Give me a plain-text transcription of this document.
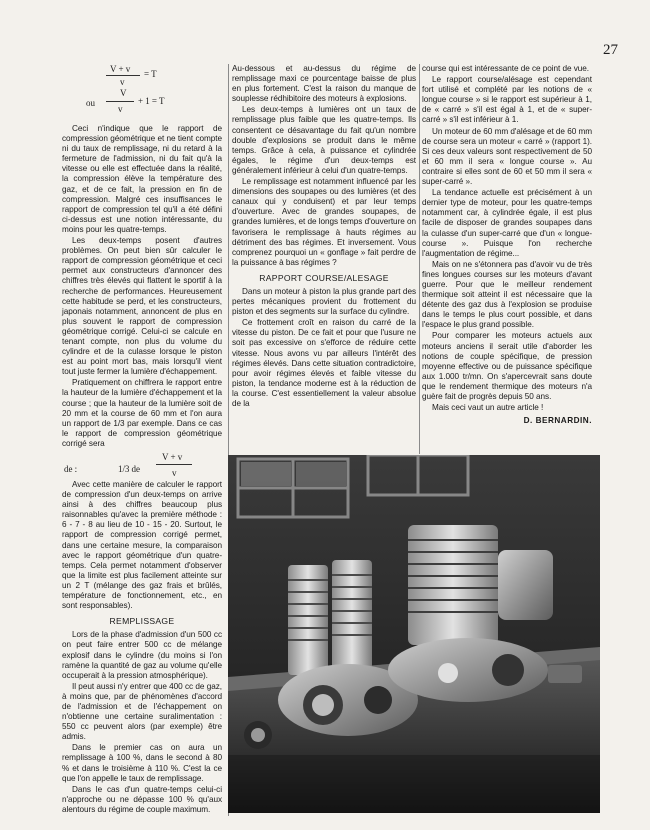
27
V + v = T
v
V
ou	+ 1 = T
v

Ceci n'indique que le rapport de compression géométrique et ne tient compte ni du taux de remplissage, ni du retard à la fermeture de l'admission, ni du fait qu'à la vitesse ou elle est effectuée dans la réalité, la compression élève la température des gaz, et de ce fait, la pression en fin de compression. Malgré ces insuffisances le rapport de compression tel qu'il a été défini ci-dessus est une notion intéressante, du moins pour les quatre-temps.

Les deux-temps posent d'autres problèmes. On peut bien sûr calculer le rapport de compression géométrique et ceci permet aux constructeurs d'annoncer des chiffres très élevés qui flattent le sportif à la recherche de performances. Heureusement cette habitude se perd, et les constructeurs, japonais notamment, annoncent de plus en plus souvent le rapport de compression géométrique corrigé. Celui-ci se calcule en tenant compte, non plus du volume du cylindre et de la culasse lorsque le piston est au point mort bas, mais lorsqu'il vient tout juste fermer la lumière d'échappement.

Pratiquement on chiffrera le rapport entre la hauteur de la lumière d'échappement et la course ; que la hauteur de la lumière soit de 20 mm et la course de 60 mm et l'on aura un rapport de 1/3 par exemple. Dans ce cas le rapport de compression géométrique corrigé sera

de :	1/3 de
V + v
v

Avec cette manière de calculer le rapport de compression d'un deux-temps on arrive ainsi à des chiffres beaucoup plus raisonnables qu'avec la première méthode : 6 - 7 - 8 au lieu de 10 - 15 - 20. Surtout, le rapport de compression corrigé permet, dans une certaine mesure, la comparaison avec le rapport géométrique d'un quatre-temps. Cela permet notamment d'observer que la limite est plus facilement atteinte sur un 2 T (mélange des gaz frais et brûlés, température de fonctionnement, etc., en sont responsables).

REMPLISSAGE

Lors de la phase d'admission d'un 500 cc on peut faire entrer 500 cc de mélange explosif dans le cylindre (du moins si l'on ramène la quantité de gaz au volume qu'elle occuperait à la pression atmosphérique).

Il peut aussi n'y entrer que 400 cc de gaz, à moins que, par de phénomènes d'accord de l'admission et de l'échappement on n'obtienne une certaine suralimentation : 550 cc peuvent alors (par exemple) être admis.

Dans le premier cas on aura un remplissage à 100 %, dans le second à 80 % et dans le troisième à 110 %. C'est la ce que l'on appelle le taux de remplissage.

Dans le cas d'un quatre-temps celui-ci n'approche ou ne dépasse 100 % qu'aux alentours du régime de couple maximum.

Au-dessous et au-dessus du régime de remplissage maxi ce pourcentage baisse de plus en plus fortement. C'est la raison du manque de souplesse rédhibitoire des moteurs à explosions.

Les deux-temps à lumières ont un taux de remplissage plus faible que les quatre-temps. Ils consentent ce désavantage du fait qu'un nombre double d'explosions se produit dans le même temps. Grâce à cela, à puissance et cylindrée égales, le régime d'un deux-temps est généralement inférieur à celui d'un quatre-temps.

Le remplissage est notamment influencé par les dimensions des soupapes ou des lumières (et des canaux qui y conduisent) et par leur temps d'ouverture. Avec de grandes soupapes, de grandes lumières, et de longs temps d'ouverture on favorisera le remplissage à hauts régimes au détriment des bas régimes. Et inversement. Vous comprenez pourquoi un « gonflage » fait perdre de la puissance à bas régimes ?

RAPPORT COURSE/ALESAGE

Dans un moteur à piston la plus grande part des pertes mécaniques provient du frottement du piston et des segments sur la surface du cylindre.

Ce frottement croît en raison du carré de la vitesse du piston. De ce fait et pour que l'usure ne soit pas excessive on s'efforce de réduire cette vitesse. Nous avons vu par ailleurs l'intérêt des régimes élevés. Dans cette situation contradictoire, pour avoir régimes élevés et faible vitesse du piston, la tendance moderne est à la réduction de la course. C'est essentiellement la valeur absolue de la

course qui est intéressante de ce point de vue.

Le rapport course/alésage est cependant fort utilisé et complété par les notions de « longue course » si le rapport est supérieur à 1, de « carré » s'il est égal à 1, et de « super-carré » s'il est inférieur à 1.

Un moteur de 60 mm d'alésage et de 60 mm de course sera un moteur « carré » (rapport 1). Si ces deux valeurs sont respectivement de 50 et 60 mm il sera « longue course ». Au contraire si elles sont de 60 et 50 mm il sera « super-carré ».

La tendance actuelle est précisément à un dernier type de moteur, pour les quatre-temps notamment car, à cylindrée égale, il est plus facile de disposer de grandes soupapes dans la culasse d'un super-carré que d'un « longue-course ». Puisque l'on recherche l'augmentation de régime...

Mais on ne s'étonnera pas d'avoir vu de très fines longues courses sur les moteurs d'avant guerre. Pour que le meilleur rendement thermique soit atteint il est nécessaire que la détente des gaz dus à l'explosion se produise dans le temps le plus court possible, et dans l'espace le plus grand possible.

Pour comparer les moteurs actuels aux moteurs anciens il serait utile d'aborder les notions de couple spécifique, de pression moyenne effective ou de puissance spécifique aux 1.000 tr/mn. On s'apercevrait sans doute que le rendement thermique des moteurs n'a guère fait de progrès depuis 50 ans.

Mais ceci vaut un autre article !

D. BERNARDIN.
